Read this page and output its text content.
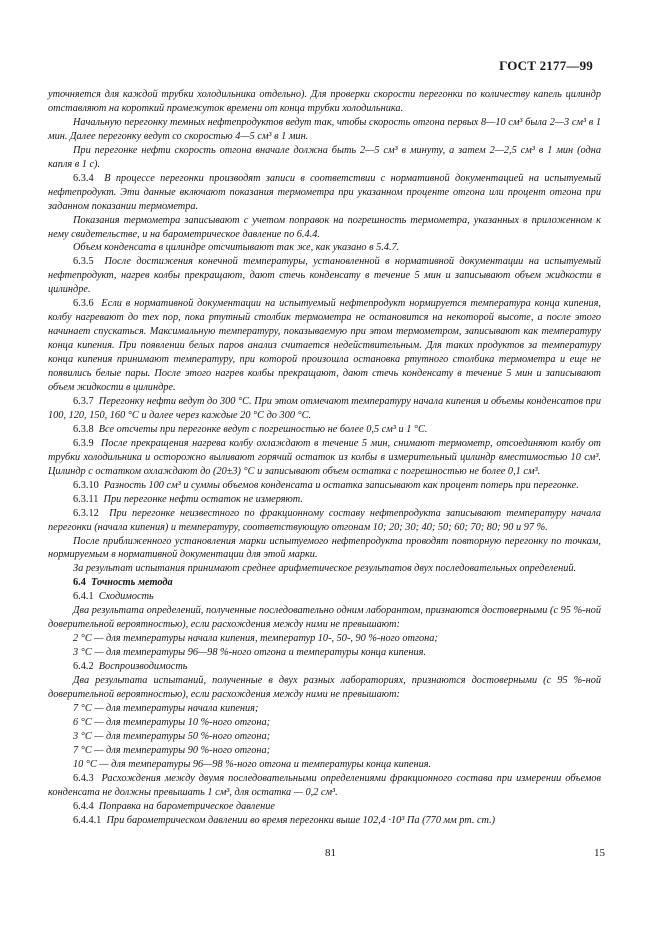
ГОСТ 2177—99

уточняется для каждой трубки холодильника отдельно). Для проверки скорости перегонки по количеству капель цилиндр отставляют на короткий промежуток времени от конца трубки холодильника.

Начальную перегонку темных нефтепродуктов ведут так, чтобы скорость отгона первых 8—10 см³ была 2—3 см³ в 1 мин. Далее перегонку ведут со скоростью 4—5 см³ в 1 мин.

При перегонке нефти скорость отгона вначале должна быть 2—5 см³ в минуту, а затем 2—2,5 см³ в 1 мин (одна капля в 1 с).

6.3.4 В процессе перегонки производят записи в соответствии с нормативной документацией на испытуемый нефтепродукт. Эти данные включают показания термометра при указанном проценте отгона или процент отгона при заданном показании термометра.

Показания термометра записывают с учетом поправок на погрешность термометра, указанных в приложенном к нему свидетельстве, и на барометрическое давление по 6.4.4.

Объем конденсата в цилиндре отсчитывают так же, как указано в 5.4.7.

6.3.5 После достижения конечной температуры, установленной в нормативной документации на испытуемый нефтепродукт, нагрев колбы прекращают, дают стечь конденсату в течение 5 мин и записывают объем жидкости в цилиндре.

6.3.6 Если в нормативной документации на испытуемый нефтепродукт нормируется температура конца кипения, колбу нагревают до тех пор, пока ртутный столбик термометра не остановится на некоторой высоте, а после этого начинает спускаться. Максимальную температуру, показываемую при этом термометром, записывают как температуру конца кипения. При появлении белых паров анализ считается недействительным. Для таких продуктов за температуру конца кипения принимают температуру, при которой произошла остановка ртутного столбика термометра и еще не появились белые пары. После этого нагрев колбы прекращают, дают стечь конденсату в течение 5 мин и записывают объем жидкости в цилиндре.

6.3.7 Перегонку нефти ведут до 300 °С. При этом отмечают температуру начала кипения и объемы конденсатов при 100, 120, 150, 160 °С и далее через каждые 20 °С до 300 °С.

6.3.8 Все отсчеты при перегонке ведут с погрешностью не более 0,5 см³ и 1 °С.

6.3.9 После прекращения нагрева колбу охлаждают в течение 5 мин, снимают термометр, отсоединяют колбу от трубки холодильника и осторожно выливают горячий остаток из колбы в измерительный цилиндр вместимостью 10 см³. Цилиндр с остатком охлаждают до (20±3) °С и записывают объем остатка с погрешностью не более 0,1 см³.

6.3.10 Разность 100 см³ и суммы объемов конденсата и остатка записывают как процент потерь при перегонке.

6.3.11 При перегонке нефти остаток не измеряют.

6.3.12 При перегонке неизвестного по фракционному составу нефтепродукта записывают температуру начала перегонки (начала кипения) и температуру, соответствующую отгонам 10; 20; 30; 40; 50; 60; 70; 80; 90 и 97 %.

После приближенного установления марки испытуемого нефтепродукта проводят повторную перегонку по точкам, нормируемым в нормативной документации для этой марки.

За результат испытания принимают среднее арифметическое результатов двух последовательных определений.

6.4 Точность метода

6.4.1 Сходимость

Два результата определений, полученные последовательно одним лаборантом, признаются достоверными (с 95 %-ной доверительной вероятностью), если расхождения между ними не превышают:

2 °С — для температуры начала кипения, температур 10-, 50-, 90 %-ного отгона;

3 °С — для температуры 96—98 %-ного отгона и температуры конца кипения.

6.4.2 Воспроизводимость

Два результата испытаний, полученные в двух разных лабораториях, признаются достоверными (с 95 %-ной доверительной вероятностью), если расхождения между ними не превышают:

7 °С — для температуры начала кипения;

6 °С — для температуры 10 %-ного отгона;

3 °С — для температуры 50 %-ного отгона;

7 °С — для температуры 90 %-ного отгона;

10 °С — для температуры 96—98 %-ного отгона и температуры конца кипения.

6.4.3 Расхождения между двумя последовательными определениями фракционного состава при измерении объемов конденсата не должны превышать 1 см³, для остатка — 0,2 см³.

6.4.4 Поправка на барометрическое давление

6.4.4.1 При барометрическом давлении во время перегонки выше 102,4 ·10³ Па (770 мм рт. ст.)

81	15
